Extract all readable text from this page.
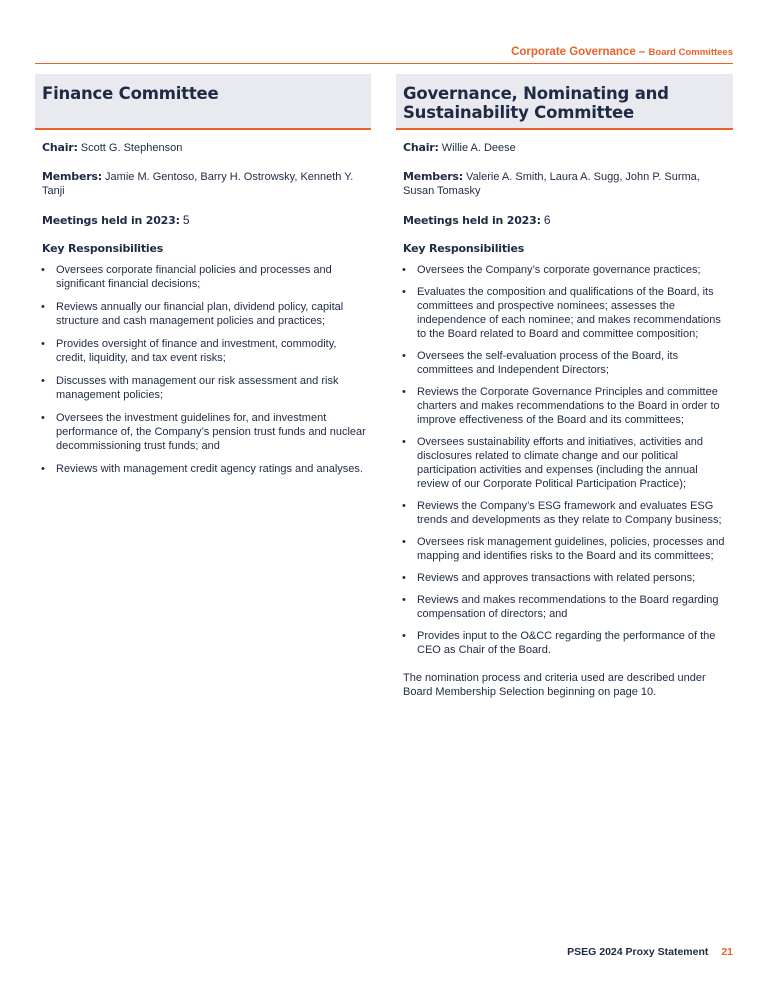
Corporate Governance – Board Committees
Finance Committee

Chair: Scott G. Stephenson

Members: Jamie M. Gentoso, Barry H. Ostrowsky, Kenneth Y. Tanji

Meetings held in 2023: 5

Key Responsibilities
• Oversees corporate financial policies and processes and significant financial decisions;
• Reviews annually our financial plan, dividend policy, capital structure and cash management policies and practices;
• Provides oversight of finance and investment, commodity, credit, liquidity, and tax event risks;
• Discusses with management our risk assessment and risk management policies;
• Oversees the investment guidelines for, and investment performance of, the Company’s pension trust funds and nuclear decommissioning trust funds; and
• Reviews with management credit agency ratings and analyses.
Governance, Nominating and
Sustainability Committee

Chair: Willie A. Deese

Members: Valerie A. Smith, Laura A. Sugg, John P. Surma, Susan Tomasky

Meetings held in 2023: 6

Key Responsibilities
• Oversees the Company’s corporate governance practices;
• Evaluates the composition and qualifications of the Board, its committees and prospective nominees; assesses the independence of each nominee; and makes recommendations to the Board related to Board and committee composition;
• Oversees the self-evaluation process of the Board, its committees and Independent Directors;
• Reviews the Corporate Governance Principles and committee charters and makes recommendations to the Board in order to improve effectiveness of the Board and its committees;
• Oversees sustainability efforts and initiatives, activities and disclosures related to climate change and our political participation activities and expenses (including the annual review of our Corporate Political Participation Practice);
• Reviews the Company’s ESG framework and evaluates ESG trends and developments as they relate to Company business;
• Oversees risk management guidelines, policies, processes and mapping and identifies risks to the Board and its committees;
• Reviews and approves transactions with related persons;
• Reviews and makes recommendations to the Board regarding compensation of directors; and
• Provides input to the O&CC regarding the performance of the CEO as Chair of the Board.

The nomination process and criteria used are described under Board Membership Selection beginning on page 10.

PSEG 2024 Proxy Statement 21
